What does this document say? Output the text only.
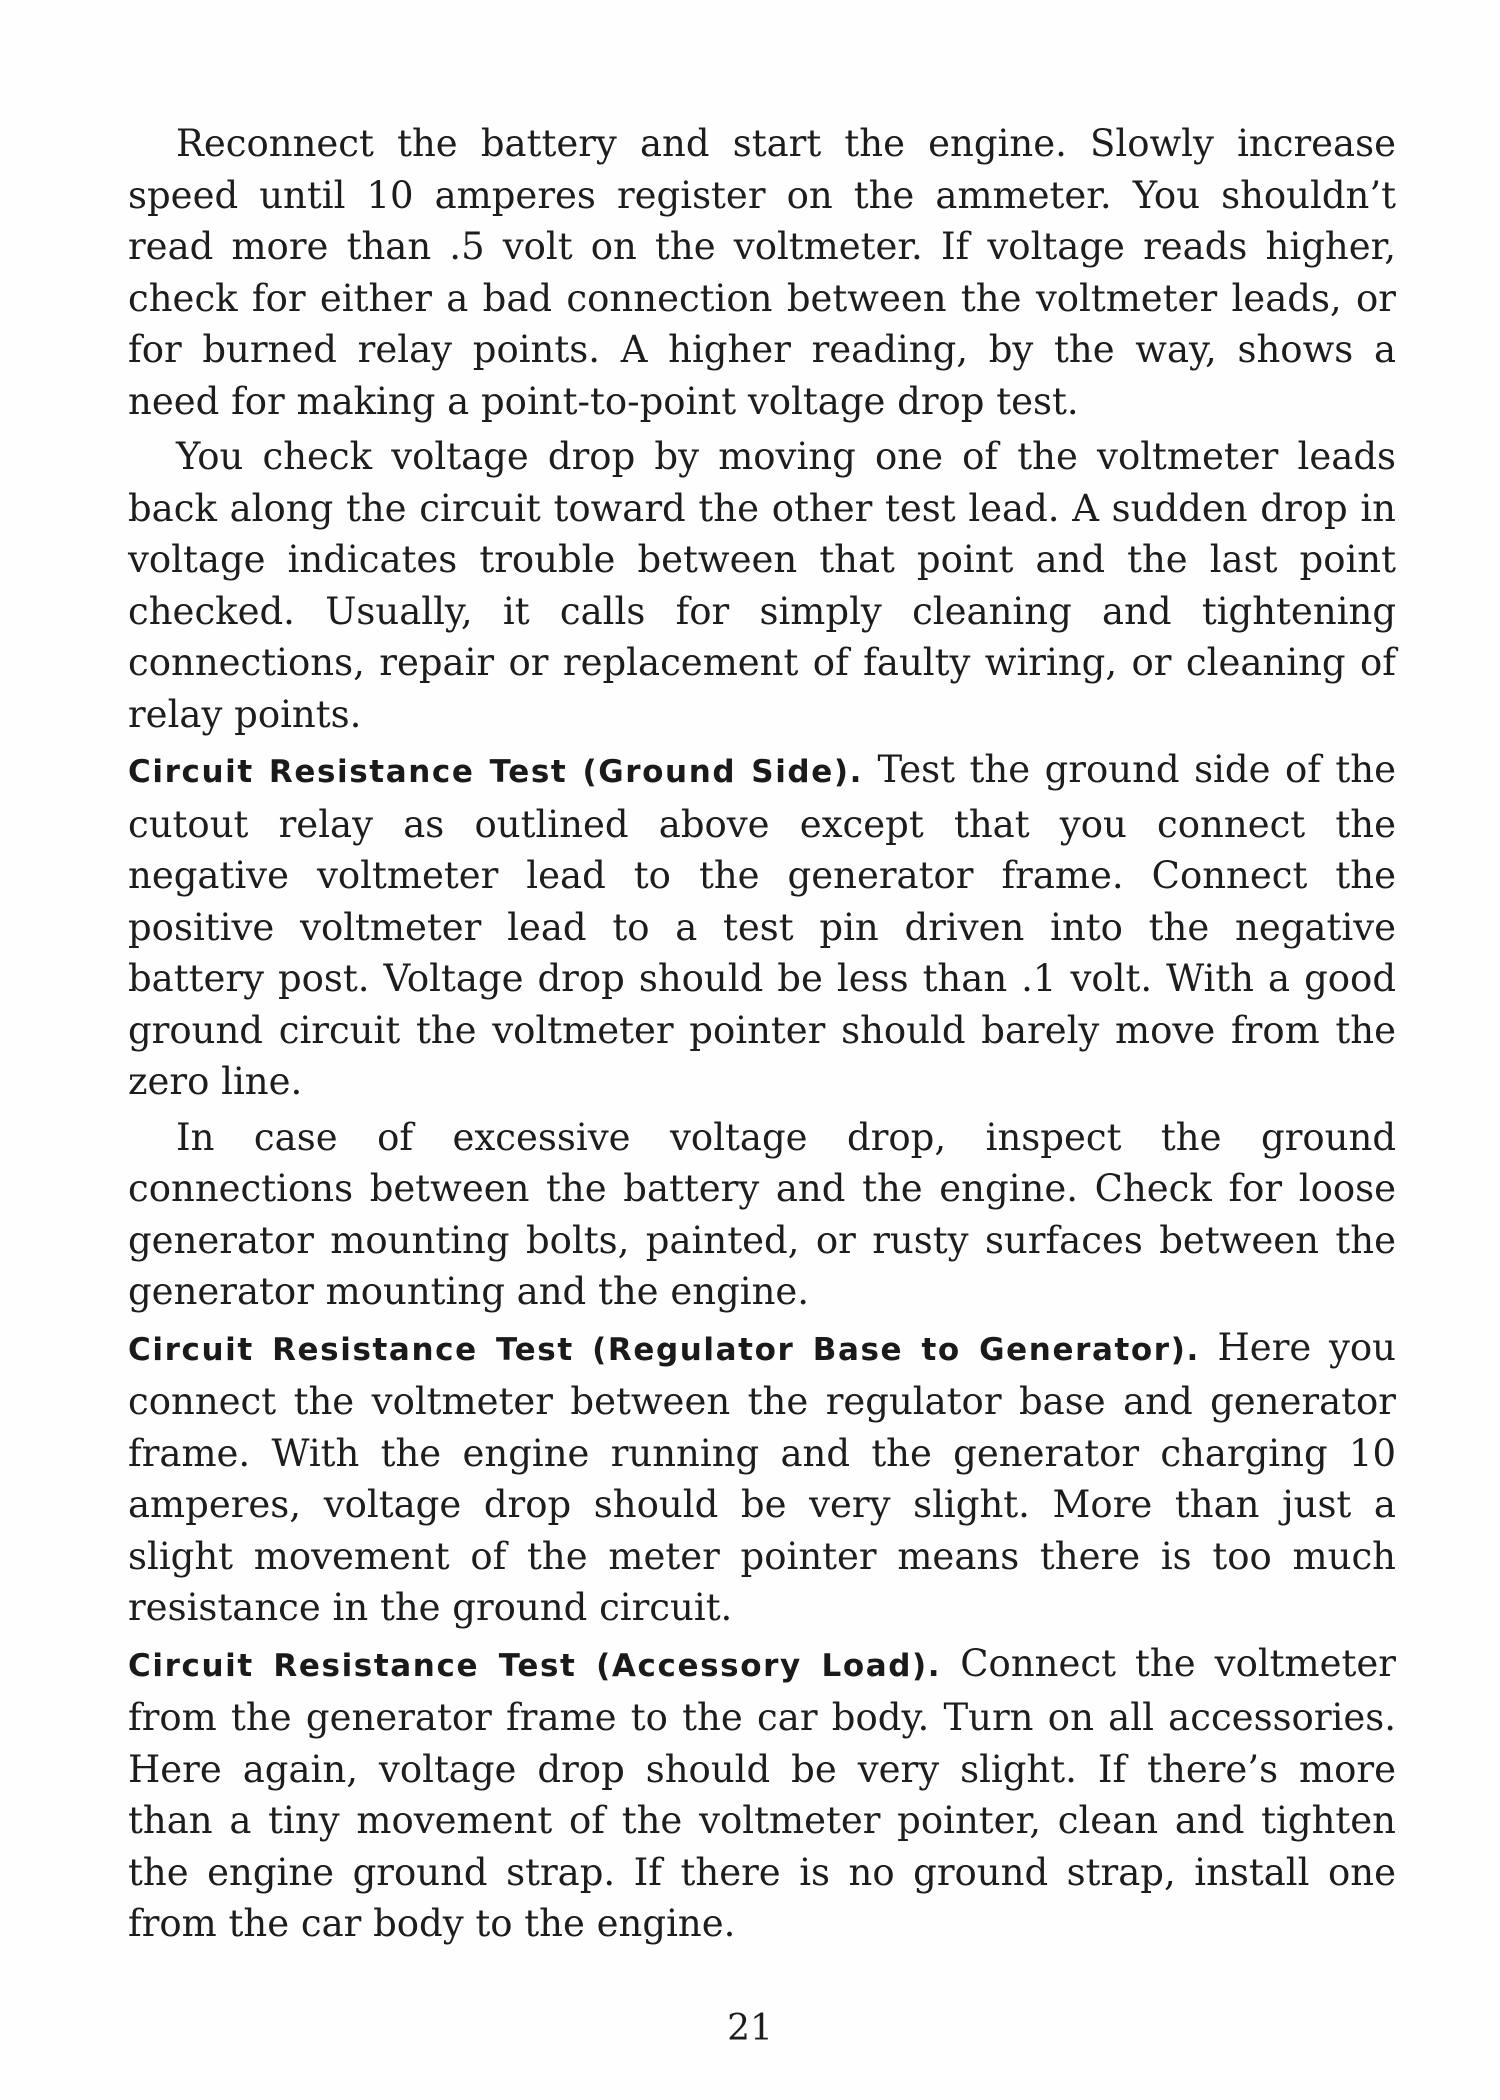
Reconnect the battery and start the engine. Slowly increase speed until 10 amperes register on the ammeter. You shouldn’t read more than .5 volt on the voltmeter. If voltage reads higher, check for either a bad connection between the voltmeter leads, or for burned relay points. A higher reading, by the way, shows a need for making a point-to-point voltage drop test.

You check voltage drop by moving one of the voltmeter leads back along the circuit toward the other test lead. A sudden drop in voltage indicates trouble between that point and the last point checked. Usually, it calls for simply cleaning and tightening connections, repair or replacement of faulty wiring, or cleaning of relay points.

Circuit Resistance Test (Ground Side). Test the ground side of the cutout relay as outlined above except that you connect the negative voltmeter lead to the generator frame. Connect the positive voltmeter lead to a test pin driven into the negative battery post. Voltage drop should be less than .1 volt. With a good ground circuit the voltmeter pointer should barely move from the zero line.

In case of excessive voltage drop, inspect the ground connections between the battery and the engine. Check for loose generator mounting bolts, painted, or rusty surfaces between the generator mounting and the engine.

Circuit Resistance Test (Regulator Base to Generator). Here you connect the voltmeter between the regulator base and generator frame. With the engine running and the generator charging 10 amperes, voltage drop should be very slight. More than just a slight movement of the meter pointer means there is too much resistance in the ground circuit.

Circuit Resistance Test (Accessory Load). Connect the voltmeter from the generator frame to the car body. Turn on all accessories. Here again, voltage drop should be very slight. If there’s more than a tiny movement of the voltmeter pointer, clean and tighten the engine ground strap. If there is no ground strap, install one from the car body to the engine.

21
